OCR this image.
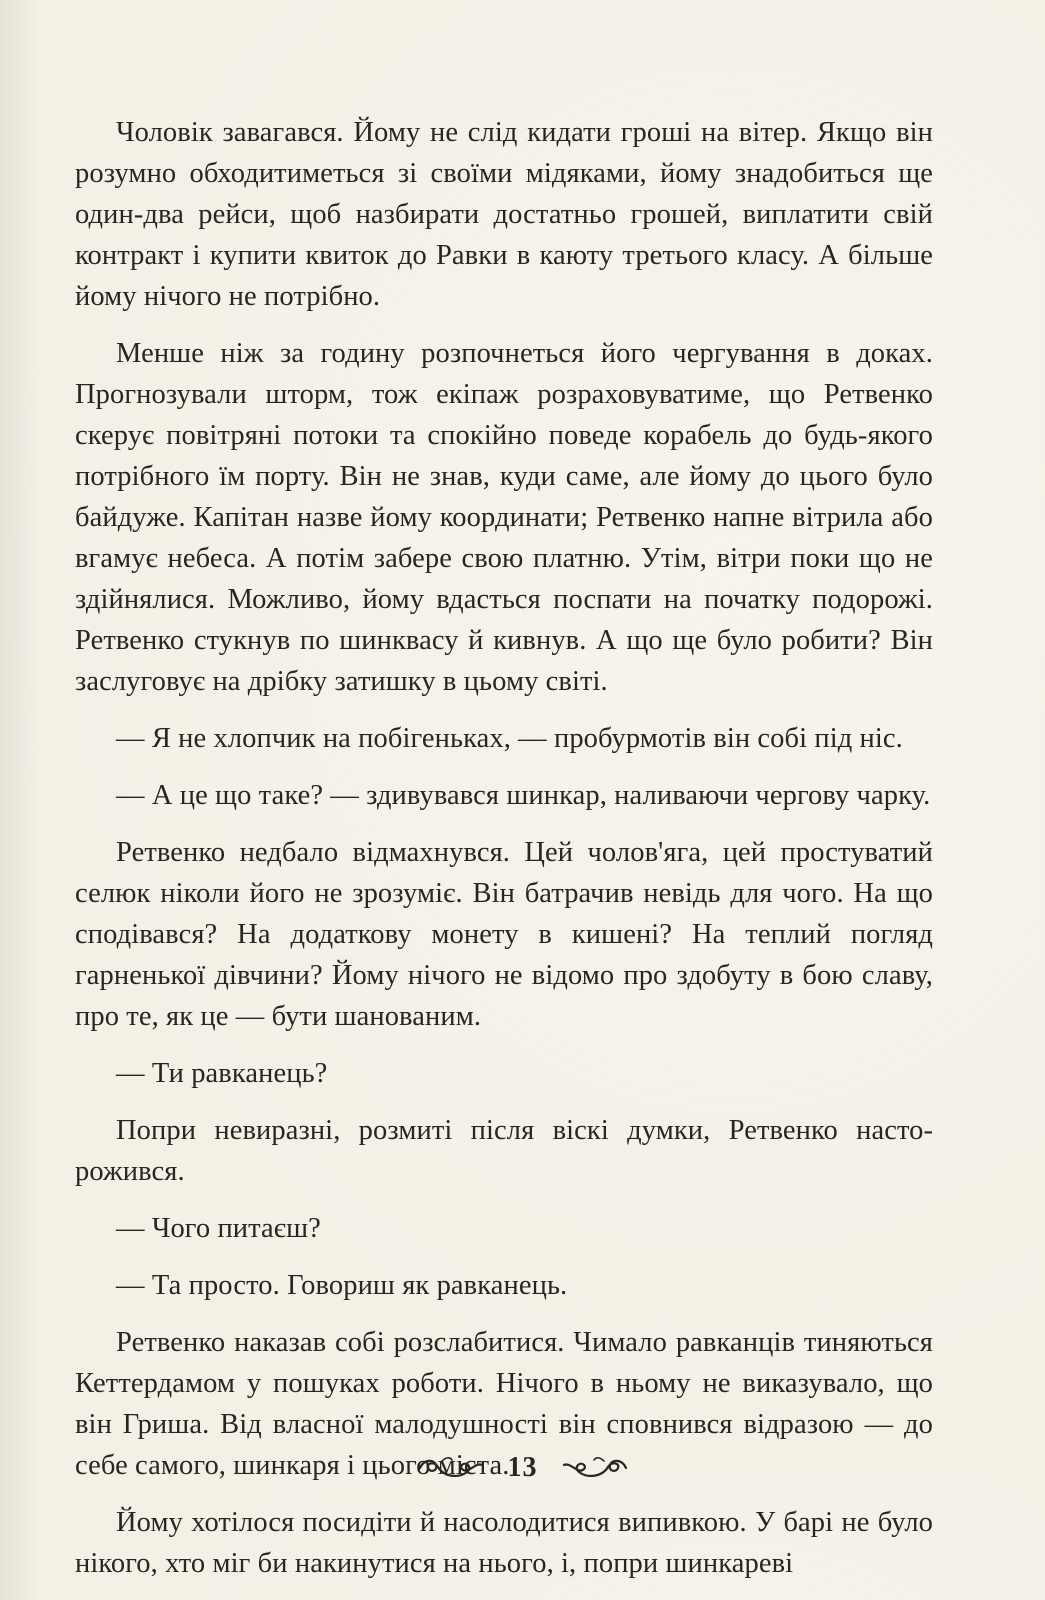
Чоловік завагався. Йому не слід кидати гроші на вітер. Якщо він розумно обходитиметься зі своїми мідяками, йому знадобиться ще один-два рейси, щоб назбирати достатньо грошей, виплатити свій контракт і купити квиток до Равки в каюту третього класу. А більше йому нічого не потрібно.

Менше ніж за годину розпочнеться його чергування в доках. Прогнозували шторм, тож екіпаж розраховуватиме, що Ретвенко скерує повітряні потоки та спокійно поведе корабель до будь-якого потрібного їм порту. Він не знав, куди саме, але йому до цього було байдуже. Капітан назве йому координати; Ретвенко напне вітрила або вгамує небеса. А потім забере свою платню. Утім, вітри поки що не здійнялися. Можливо, йому вдасться поспати на початку подорожі. Ретвенко стукнув по шинквасу й кивнув. А що ще було робити? Він заслуговує на дрібку затишку в цьому світі.

— Я не хлопчик на побігеньках, — пробурмотів він собі під ніс.

— А це що таке? — здивувався шинкар, наливаючи чергову чарку.

Ретвенко недбало відмахнувся. Цей чолов'яга, цей простуватий селюк ніколи його не зрозуміє. Він батрачив невідь для чого. На що сподівався? На додаткову монету в кишені? На теплий погляд гарненької дівчини? Йому нічого не відомо про здобуту в бою славу, про те, як це — бути шанованим.

— Ти равканець?

Попри невиразні, розмиті після віскі думки, Ретвенко насторожився.

— Чого питаєш?

— Та просто. Говориш як равканець.

Ретвенко наказав собі розслабитися. Чимало равканців тиняються Кеттердамом у пошуках роботи. Нічого в ньому не виказувало, що він Гриша. Від власної малодушності він сповнився відразою — до себе самого, шинкаря і цього міста.

Йому хотілося посидіти й насолодитися випивкою. У барі не було нікого, хто міг би накинутися на нього, і, попри шинкареві

13
